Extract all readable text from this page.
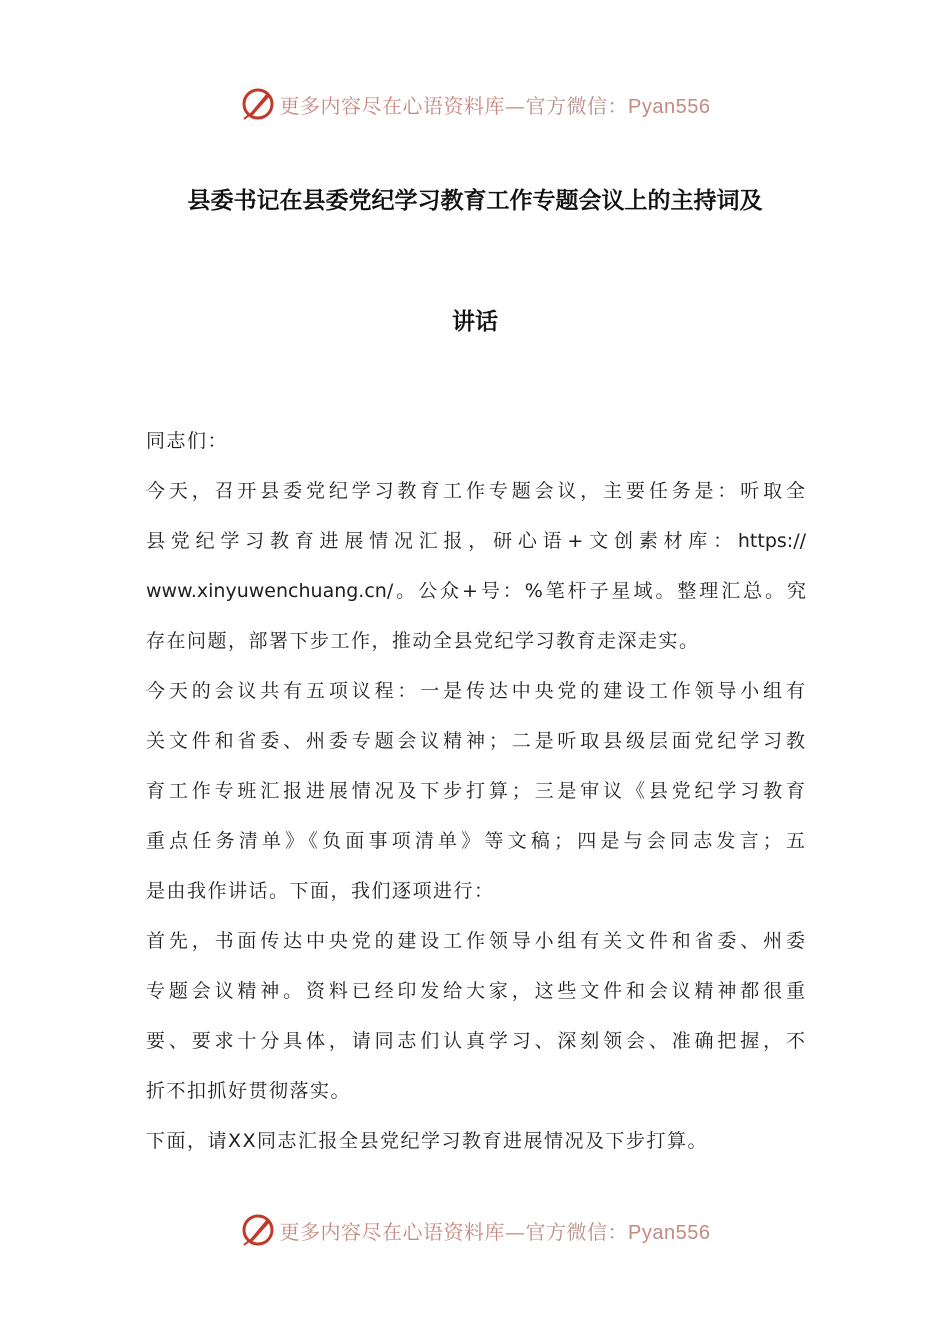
更多内容尽在心语资料库—官方微信：Pyan556
县委书记在县委党纪学习教育工作专题会议上的主持词及
讲话
同志们：
今天，召开县委党纪学习教育工作专题会议，主要任务是：听取全
县党纪学习教育进展情况汇报，研心语+文创素材库：https://
www.xinyuwenchuang.cn/。公众+号：%笔杆子星域。整理汇总。究
存在问题，部署下步工作，推动全县党纪学习教育走深走实。
今天的会议共有五项议程：一是传达中央党的建设工作领导小组有
关文件和省委、州委专题会议精神；二是听取县级层面党纪学习教
育工作专班汇报进展情况及下步打算；三是审议《县党纪学习教育
重点任务清单》《负面事项清单》等文稿；四是与会同志发言；五
是由我作讲话。下面，我们逐项进行：
首先，书面传达中央党的建设工作领导小组有关文件和省委、州委
专题会议精神。资料已经印发给大家，这些文件和会议精神都很重
要、要求十分具体，请同志们认真学习、深刻领会、准确把握，不
折不扣抓好贯彻落实。
下面，请XX同志汇报全县党纪学习教育进展情况及下步打算。
更多内容尽在心语资料库—官方微信：Pyan556
